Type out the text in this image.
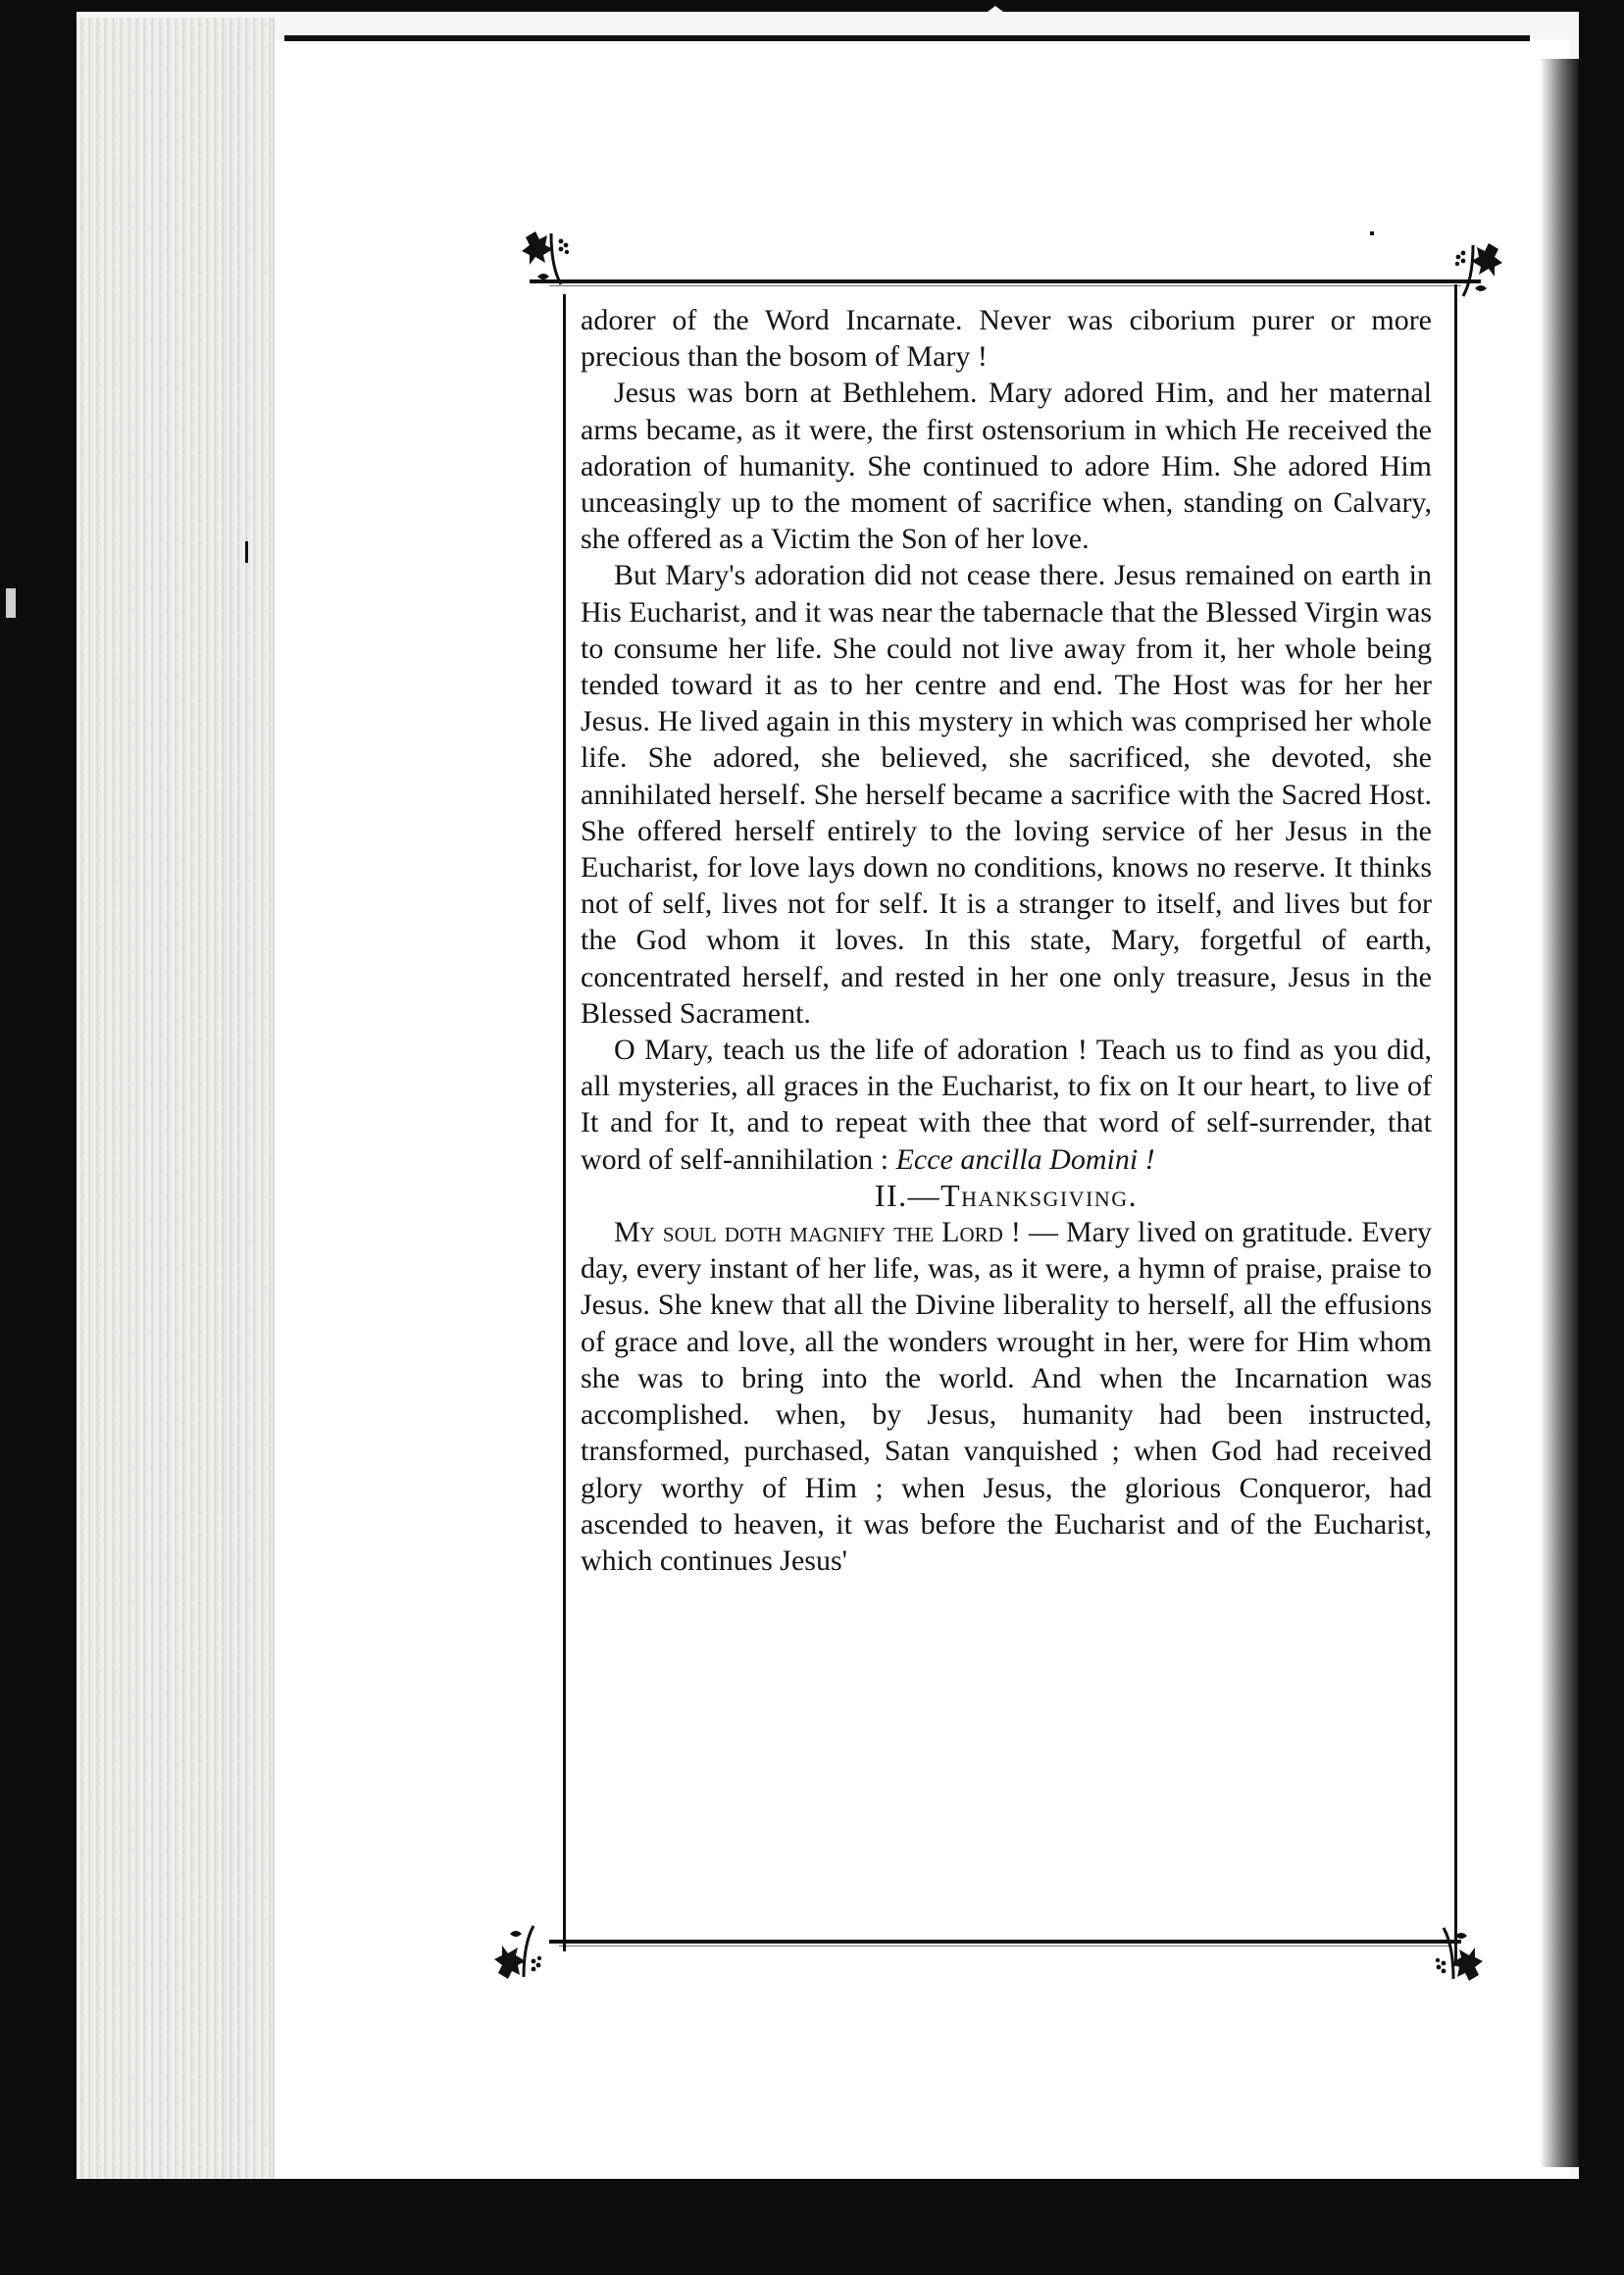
adorer of the Word Incarnate. Never was ciborium purer or more precious than the bosom of Mary !

Jesus was born at Bethlehem. Mary adored Him, and her maternal arms became, as it were, the first ostensorium in which He received the adoration of humanity. She continued to adore Him. She adored Him unceasingly up to the moment of sacrifice when, standing on Calvary, she offered as a Victim the Son of her love.

But Mary's adoration did not cease there. Jesus remained on earth in His Eucharist, and it was near the tabernacle that the Blessed Virgin was to consume her life. She could not live away from it, her whole being tended toward it as to her centre and end. The Host was for her her Jesus. He lived again in this mystery in which was comprised her whole life. She adored, she believed, she sacrificed, she devoted, she annihilated herself. She herself became a sacrifice with the Sacred Host. She offered herself entirely to the loving service of her Jesus in the Eucharist, for love lays down no conditions, knows no reserve. It thinks not of self, lives not for self. It is a stranger to itself, and lives but for the God whom it loves. In this state, Mary, forgetful of earth, concentrated herself, and rested in her one only treasure, Jesus in the Blessed Sacrament.

O Mary, teach us the life of adoration ! Teach us to find as you did, all mysteries, all graces in the Eucharist, to fix on It our heart, to live of It and for It, and to repeat with thee that word of self-surrender, that word of self-annihilation : Ecce ancilla Domini !

II.—Thanksgiving.

My soul doth magnify the Lord ! — Mary lived on gratitude. Every day, every instant of her life, was, as it were, a hymn of praise, praise to Jesus. She knew that all the Divine liberality to herself, all the effusions of grace and love, all the wonders wrought in her, were for Him whom she was to bring into the world. And when the Incarnation was accomplished. when, by Jesus, humanity had been instructed, transformed, purchased, Satan vanquished ; when God had received glory worthy of Him ; when Jesus, the glorious Conqueror, had ascended to heaven, it was before the Eucharist and of the Eucharist, which continues Jesus'
